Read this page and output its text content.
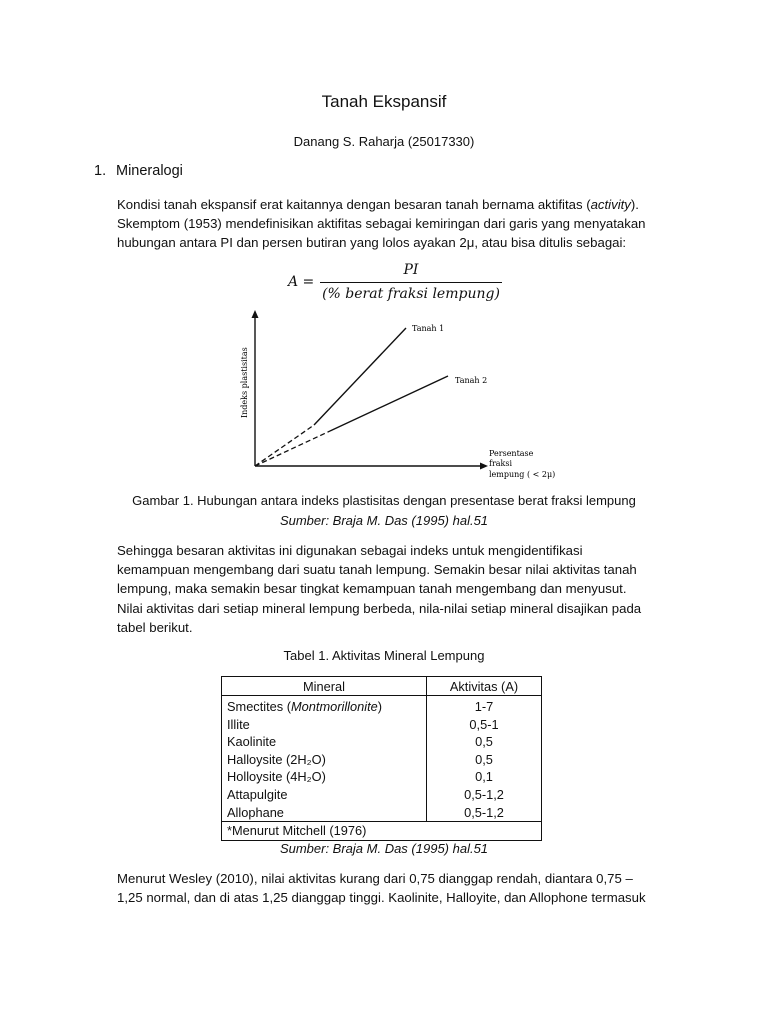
Tanah Ekspansif
Danang S. Raharja (25017330)
1. Mineralogi
Kondisi tanah ekspansif erat kaitannya dengan besaran tanah bernama aktifitas (activity).
Skemptom (1953) mendefinisikan aktifitas sebagai kemiringan dari garis yang menyatakan
hubungan antara PI dan persen butiran yang lolos ayakan 2μ, atau bisa ditulis sebagai:
A =
PI
(% berat fraksi lempung)
Tanah 1
Tanah 2
Indeks plastisitas
Persentase
fraksi
lempung ( < 2μ)
Gambar 1. Hubungan antara indeks plastisitas dengan presentase berat fraksi lempung
Sumber: Braja M. Das (1995) hal.51
Sehingga besaran aktivitas ini digunakan sebagai indeks untuk mengidentifikasi
kemampuan mengembang dari suatu tanah lempung. Semakin besar nilai aktivitas tanah
lempung, maka semakin besar tingkat kemampuan tanah mengembang dan menyusut.
Nilai aktivitas dari setiap mineral lempung berbeda, nila-nilai setiap mineral disajikan pada
tabel berikut.
Tabel 1. Aktivitas Mineral Lempung
Mineral	Aktivitas (A)
Smectites (Montmorillonite)	1-7
Illite	0,5-1
Kaolinite	0,5
Halloysite (2H₂O)	0,5
Holloysite (4H₂O)	0,1
Attapulgite	0,5-1,2
Allophane	0,5-1,2
*Menurut Mitchell (1976)	
Sumber: Braja M. Das (1995) hal.51
Menurut Wesley (2010), nilai aktivitas kurang dari 0,75 dianggap rendah, diantara 0,75 –
1,25 normal, dan di atas 1,25 dianggap tinggi. Kaolinite, Halloyite, dan Allophone termasuk
